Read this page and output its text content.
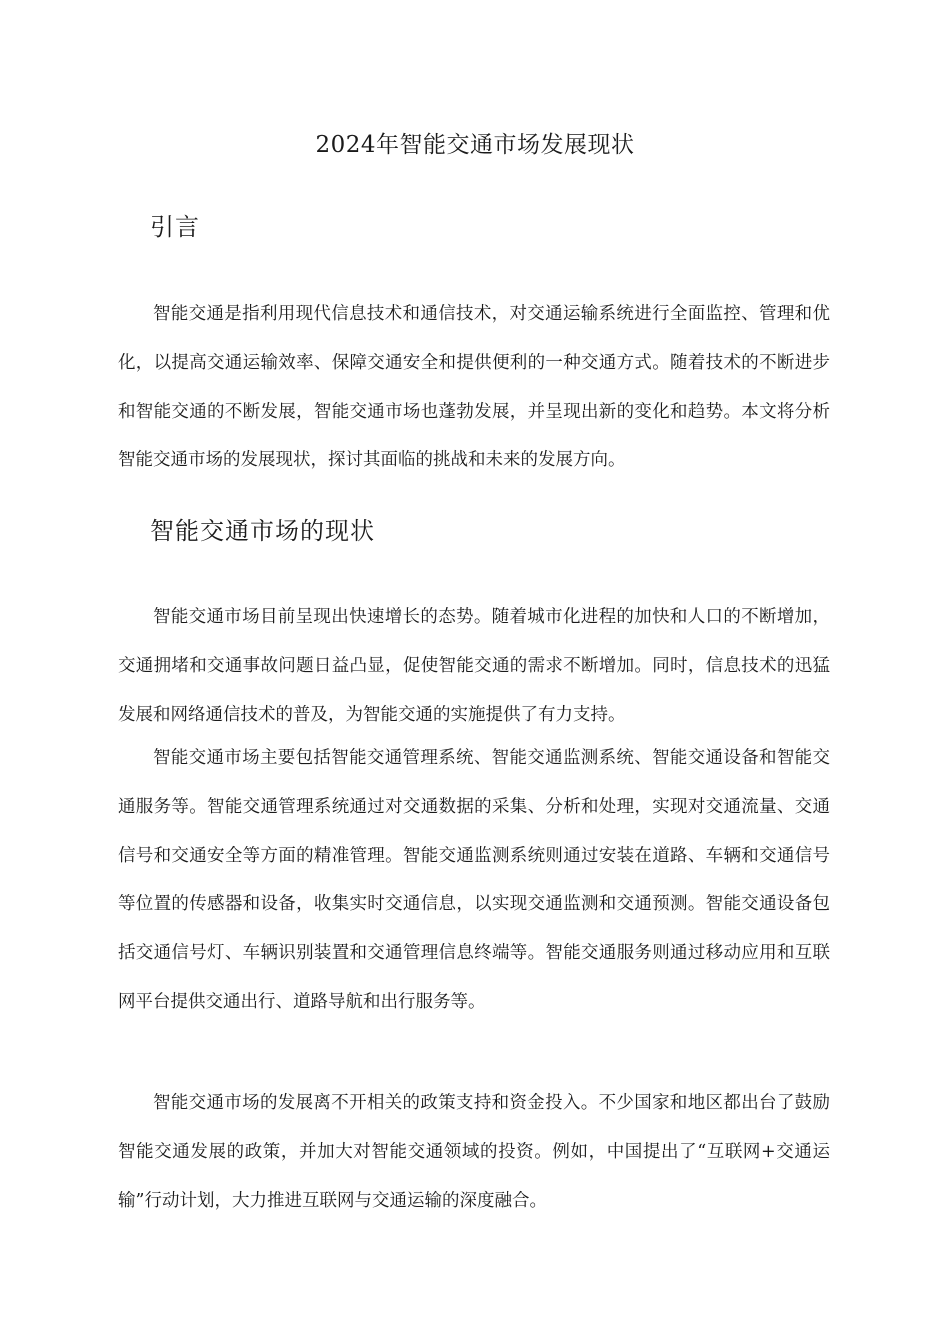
2024年智能交通市场发展现状
引言

智能交通是指利用现代信息技术和通信技术，对交通运输系统进行全面监控、管理和优化，以提高交通运输效率、保障交通安全和提供便利的一种交通方式。随着技术的不断进步和智能交通的不断发展，智能交通市场也蓬勃发展，并呈现出新的变化和趋势。本文将分析智能交通市场的发展现状，探讨其面临的挑战和未来的发展方向。

智能交通市场的现状

智能交通市场目前呈现出快速增长的态势。随着城市化进程的加快和人口的不断增加，交通拥堵和交通事故问题日益凸显，促使智能交通的需求不断增加。同时，信息技术的迅猛发展和网络通信技术的普及，为智能交通的实施提供了有力支持。

智能交通市场主要包括智能交通管理系统、智能交通监测系统、智能交通设备和智能交通服务等。智能交通管理系统通过对交通数据的采集、分析和处理，实现对交通流量、交通信号和交通安全等方面的精准管理。智能交通监测系统则通过安装在道路、车辆和交通信号等位置的传感器和设备，收集实时交通信息，以实现交通监测和交通预测。智能交通设备包括交通信号灯、车辆识别装置和交通管理信息终端等。智能交通服务则通过移动应用和互联网平台提供交通出行、道路导航和出行服务等。

智能交通市场的发展离不开相关的政策支持和资金投入。不少国家和地区都出台了鼓励智能交通发展的政策，并加大对智能交通领域的投资。例如，中国提出了“互联网+交通运输”行动计划，大力推进互联网与交通运输的深度融合。
